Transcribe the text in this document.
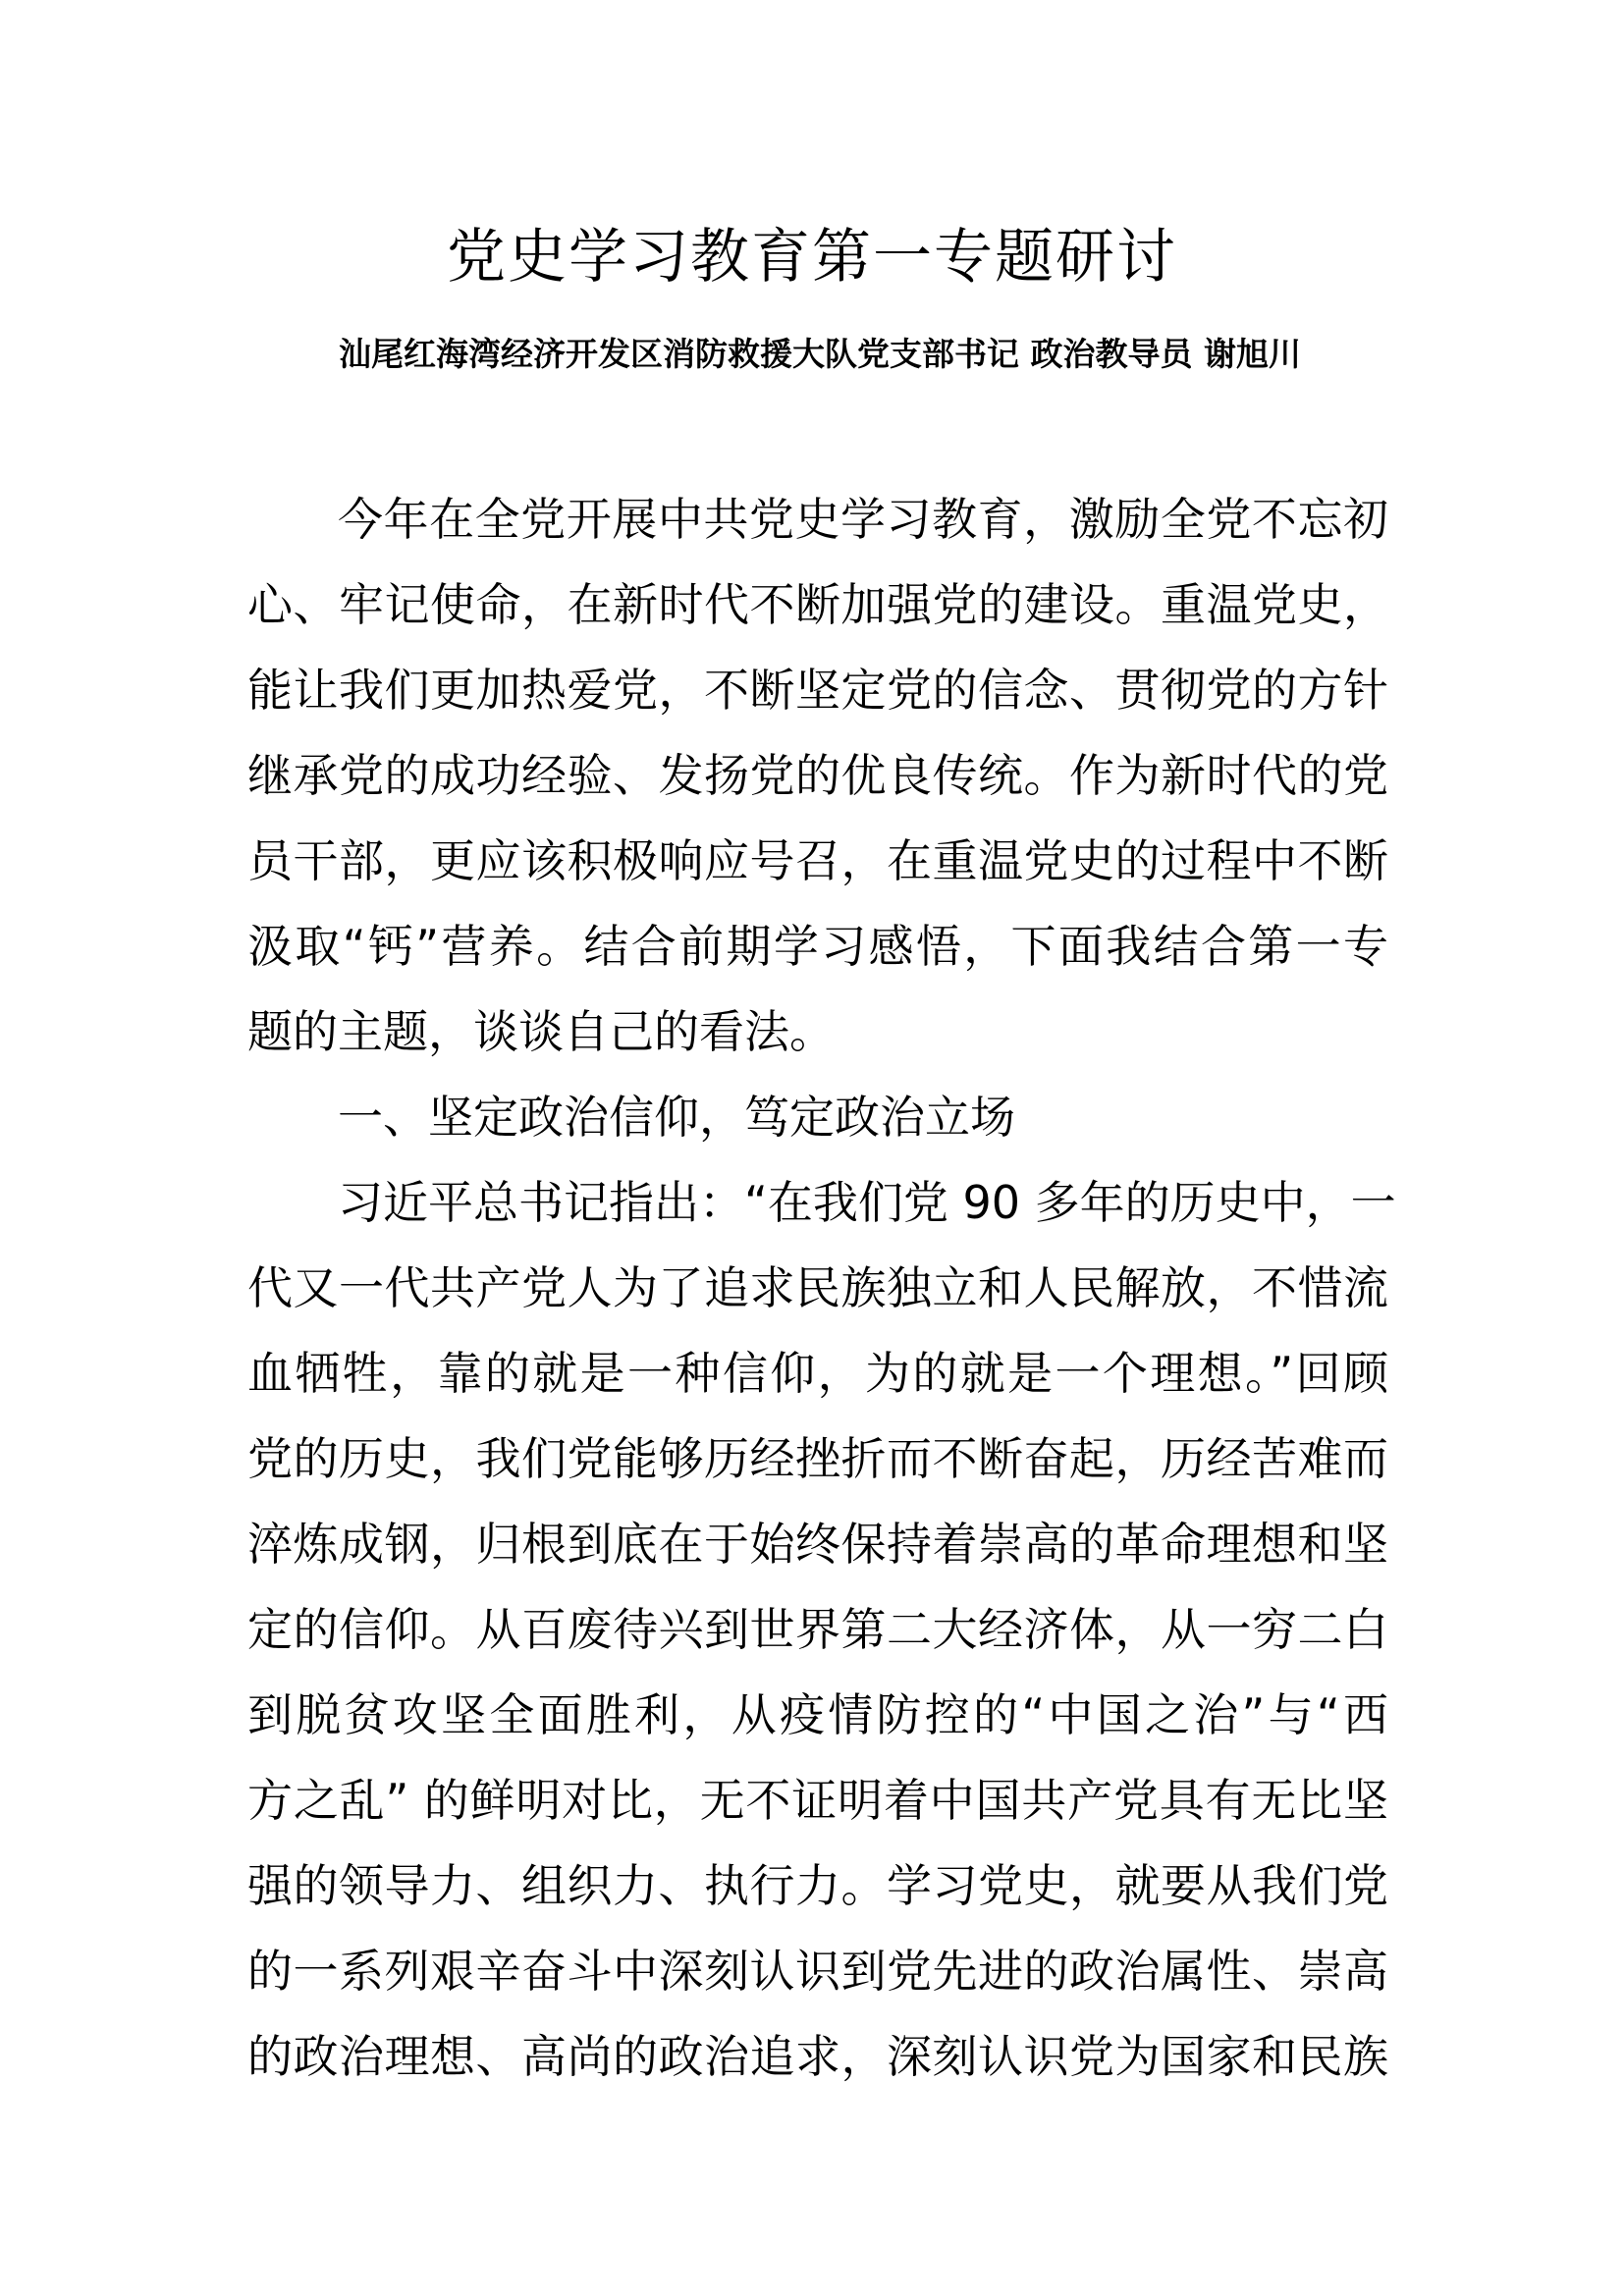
党史学习教育第一专题研讨
汕尾红海湾经济开发区消防救援大队党支部书记 政治教导员 谢旭川
今年在全党开展中共党史学习教育，激励全党不忘初
心、牢记使命，在新时代不断加强党的建设。重温党史，
能让我们更加热爱党，不断坚定党的信念、贯彻党的方针
继承党的成功经验、发扬党的优良传统。作为新时代的党
员干部，更应该积极响应号召，在重温党史的过程中不断
汲取“钙”营养。结合前期学习感悟，下面我结合第一专
题的主题，谈谈自己的看法。
一、坚定政治信仰，笃定政治立场
习近平总书记指出：“在我们党 90 多年的历史中，一
代又一代共产党人为了追求民族独立和人民解放，不惜流
血牺牲，靠的就是一种信仰，为的就是一个理想。”回顾
党的历史，我们党能够历经挫折而不断奋起，历经苦难而
淬炼成钢，归根到底在于始终保持着崇高的革命理想和坚
定的信仰。从百废待兴到世界第二大经济体，从一穷二白
到脱贫攻坚全面胜利，从疫情防控的“中国之治”与“西
方之乱” 的鲜明对比，无不证明着中国共产党具有无比坚
强的领导力、组织力、执行力。学习党史，就要从我们党
的一系列艰辛奋斗中深刻认识到党先进的政治属性、崇高
的政治理想、高尚的政治追求，深刻认识党为国家和民族
